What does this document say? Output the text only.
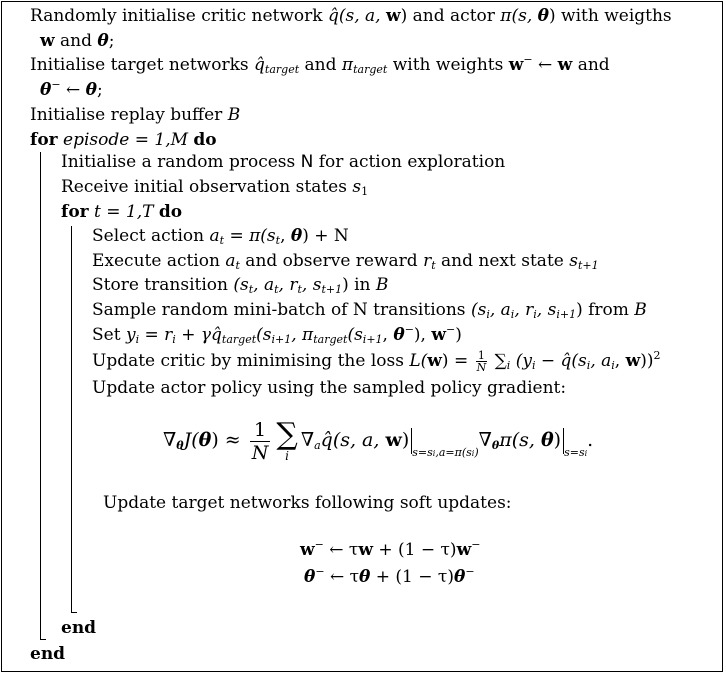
Randomly initialise critic network q̂(s, a, w) and actor π(s, θ) with weigths
w and θ;
Initialise target networks $q̂_{target}$ and $\pi_{target}$ with weights w− ← w and
θ− ← θ;
Initialise replay buffer B
for episode = 1,M do
Initialise a random process N for action exploration
Receive initial observation states $s_1$
for t = 1,T do
Select action $a_t = \pi(s_t$, θ) + N
Execute action $a_t$ and observe reward $r_t$ and next state $s_{t+1}$
Store transition ($s_t$, $a_t$, $r_t$, $s_{t+1}$) in B
Sample random mini-batch of N transitions ($s_i$, $a_i$, $r_i$, $s_{i+1}$) from B
Set $y_i = r_i$ + $\gamma q̂_{target}(s_{i+1}$, $\pi_{target}(s_{i+1}$, θ−), w−)
Update critic by minimising the loss $L(w) = \frac{1}{N} \sum_i$ ($y_i$ − $q̂(s_i$, $a_i$, w))$^2$
Update actor policy using the sampled policy gradient:
$\nabla_\theta J(\theta) \approx \frac{1}{N}$ ∑
i
$\nabla_aq̂(s$, a, $w)_{s=si,a=\pi(si)}\nabla_\theta\pi(s$, $\theta)_{s=si}$.
Update target networks following soft updates:
w− ← τw + (1 − τ)w−
θ− ← τθ + (1 − τ)θ−
end
end
